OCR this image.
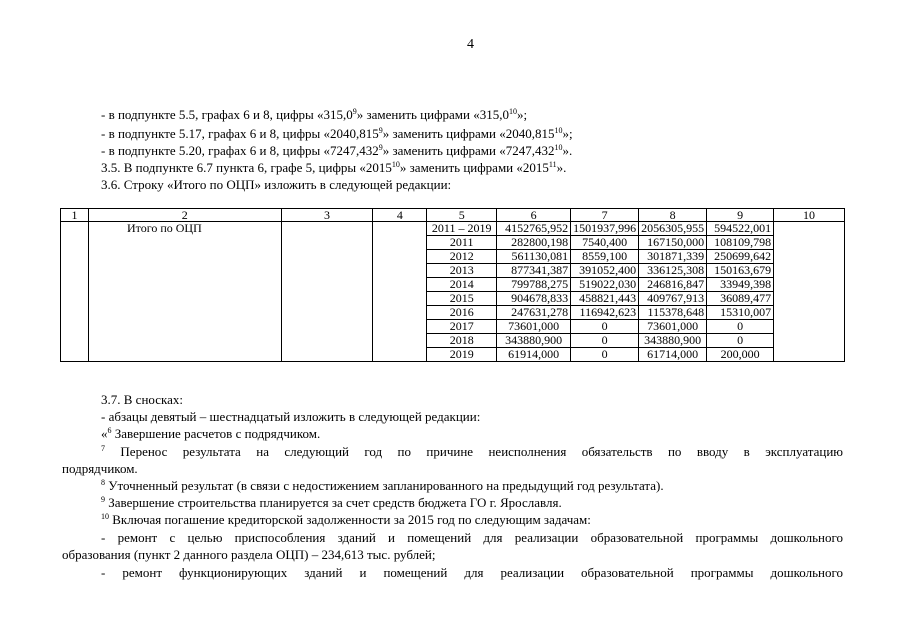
4
- в подпункте 5.5, графах 6 и 8, цифры «315,0$^9$» заменить цифрами «315,0$^{10}$»;
- в подпункте 5.17, графах 6 и 8, цифры «2040,815$^9$» заменить цифрами «2040,815$^{10}$»;
- в подпункте 5.20, графах 6 и 8, цифры «7247,432$^9$» заменить цифрами «7247,432$^{10}$».
3.5. В подпункте 6.7 пункта 6, графе 5, цифры «2015$^{10}$» заменить цифрами «2015$^{11}$».
3.6. Строку «Итого по ОЦП» изложить в следующей редакции:
1	2	3	4	5	6	7	8	9	10
	Итого по ОЦП			2011 – 2019	4152765,952	1501937,996	2056305,955	594522,001	
				2011	282800,198	7540,400	167150,000	108109,798	
				2012	561130,081	8559,100	301871,339	250699,642	
				2013	877341,387	391052,400	336125,308	150163,679	
				2014	799788,275	519022,030	246816,847	33949,398	
				2015	904678,833	458821,443	409767,913	36089,477	
				2016	247631,278	116942,623	115378,648	15310,007	
				2017	73601,000	0	73601,000	0	
				2018	343880,900	0	343880,900	0	
				2019	61914,000	0	61714,000	200,000	
3.7. В сносках:
- абзацы девятый – шестнадцатый изложить в следующей редакции:
«$^6$ Завершение расчетов с подрядчиком.
$^7$ Перенос результата на следующий год по причине неисполнения обязательств по вводу в эксплуатацию
подрядчиком.
$^8$ Уточненный результат (в связи с недостижением запланированного на предыдущий год результата).
$^9$ Завершение строительства планируется за счет средств бюджета ГО г. Ярославля.
$^{10}$ Включая погашение кредиторской задолженности за 2015 год по следующим задачам:
- ремонт с целью приспособления зданий и помещений для реализации образовательной программы дошкольного
образования (пункт 2 данного раздела ОЦП) – 234,613 тыс. рублей;
- ремонт функционирующих зданий и помещений для реализации образовательной программы дошкольного
